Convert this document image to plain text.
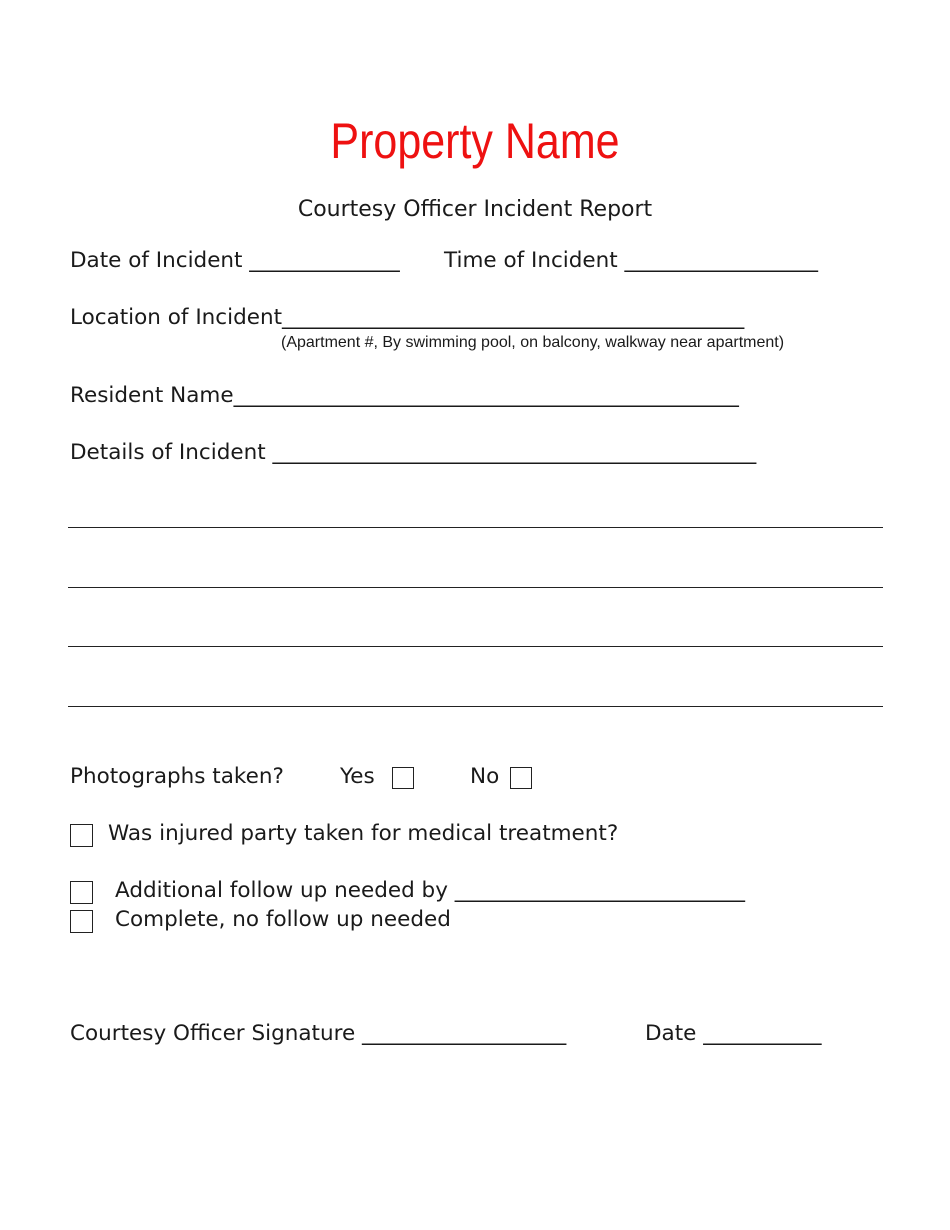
Property Name
Courtesy Officer Incident Report
Date of Incident ______________ Time of Incident __________________
Location of Incident___________________________________________
(Apartment #, By swimming pool, on balcony, walkway near apartment)
Resident Name_______________________________________________
Details of Incident _____________________________________________
Photographs taken?	Yes	No
Was injured party taken for medical treatment?
Additional follow up needed by ___________________________
Complete, no follow up needed
Courtesy Officer Signature ___________________	Date ___________
